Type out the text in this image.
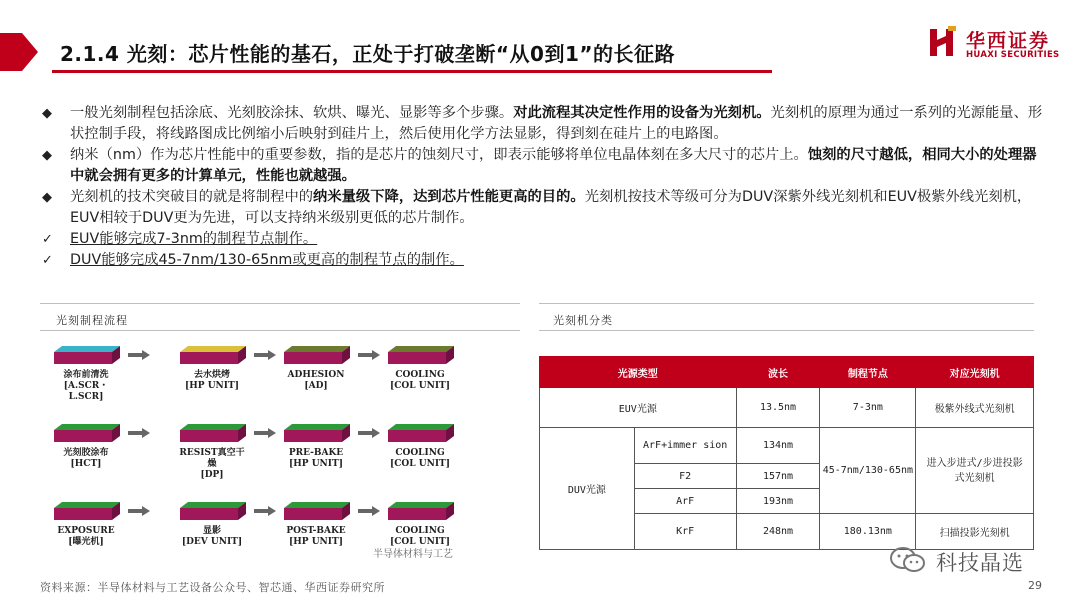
2.1.4 光刻：芯片性能的基石，正处于打破垄断“从0到1”的长征路
华西证券
HUAXI SECURITIES
◆	一般光刻制程包括涂底、光刻胶涂抹、软烘、曝光、显影等多个步骤。对此流程其决定性作用的设备为光刻机。光刻机的原理为通过一系列的光源能量、形状控制手段，将线路图成比例缩小后映射到硅片上，然后使用化学方法显影，得到刻在硅片上的电路图。
◆	纳米（nm）作为芯片性能中的重要参数，指的是芯片的蚀刻尺寸，即表示能够将单位电晶体刻在多大尺寸的芯片上。蚀刻的尺寸越低，相同大小的处理器中就会拥有更多的计算单元，性能也就越强。
◆	光刻机的技术突破目的就是将制程中的纳米量级下降，达到芯片性能更高的目的。光刻机按技术等级可分为DUV深紫外线光刻机和EUV极紫外线光刻机，EUV相较于DUV更为先进，可以支持纳米级别更低的芯片制作。
✓	EUV能够完成7-3nm的制程节点制作。
✓	DUV能够完成45-7nm/130-65nm或更高的制程节点的制作。
光刻制程流程
涂布前清洗
[A.SCR・L.SCR]
去水烘烤
[HP UNIT]
ADHESION
[AD]
COOLING
[COL UNIT]
光刻胶涂布
[HCT]
RESIST真空干燥
[DP]
PRE-BAKE
[HP UNIT]
COOLING
[COL UNIT]
EXPOSURE
[曝光机]
显影
[DEV UNIT]
POST-BAKE
[HP UNIT]
COOLING
[COL UNIT]
半导体材料与工艺
光刻机分类
光源类型		波长	制程节点	对应光刻机
EUV光源		13.5nm	7-3nm	极紫外线式光刻机
DUV光源	ArF+immer sion	134nm	45-7nm/130-65nm	进入步进式/步进投影式光刻机
	F2	157nm		
	ArF	193nm		
	KrF	248nm	180.13nm	扫描投影光刻机
科技晶选
资料来源：半导体材料与工艺设备公众号、智芯通、华西证券研究所	29
